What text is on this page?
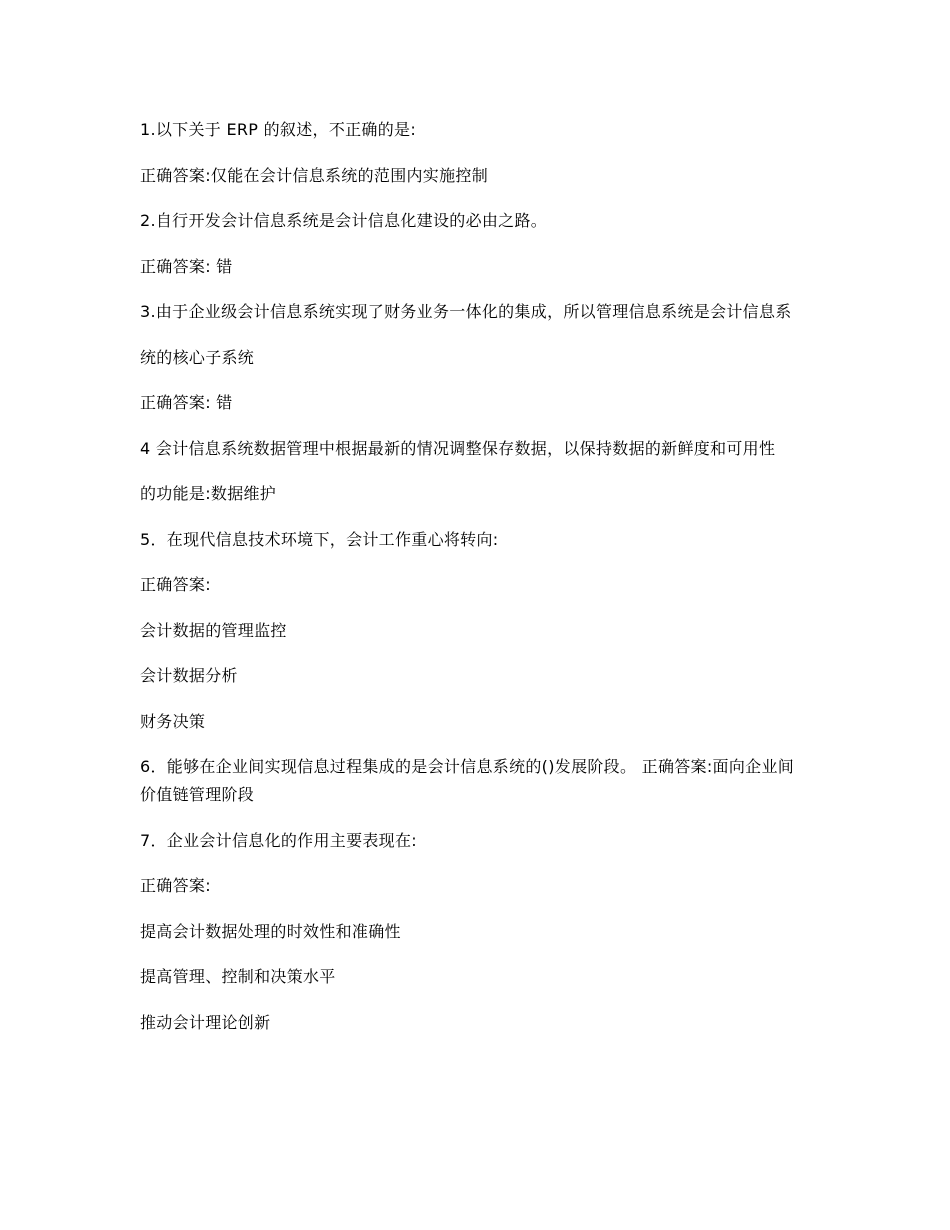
1.以下关于 ERP 的叙述，不正确的是:

正确答案:仅能在会计信息系统的范围内实施控制

2.自行开发会计信息系统是会计信息化建设的必由之路。

正确答案: 错

3.由于企业级会计信息系统实现了财务业务一体化的集成，所以管理信息系统是会计信息系

统的核心子系统

正确答案: 错

4 会计信息系统数据管理中根据最新的情况调整保存数据，以保持数据的新鲜度和可用性

的功能是:数据维护

5．在现代信息技术环境下，会计工作重心将转向:

正确答案:

会计数据的管理监控

会计数据分析

财务决策

6．能够在企业间实现信息过程集成的是会计信息系统的()发展阶段。 正确答案:面向企业间价值链管理阶段

7．企业会计信息化的作用主要表现在:

正确答案:

提高会计数据处理的时效性和准确性

提高管理、控制和决策水平

推动会计理论创新
